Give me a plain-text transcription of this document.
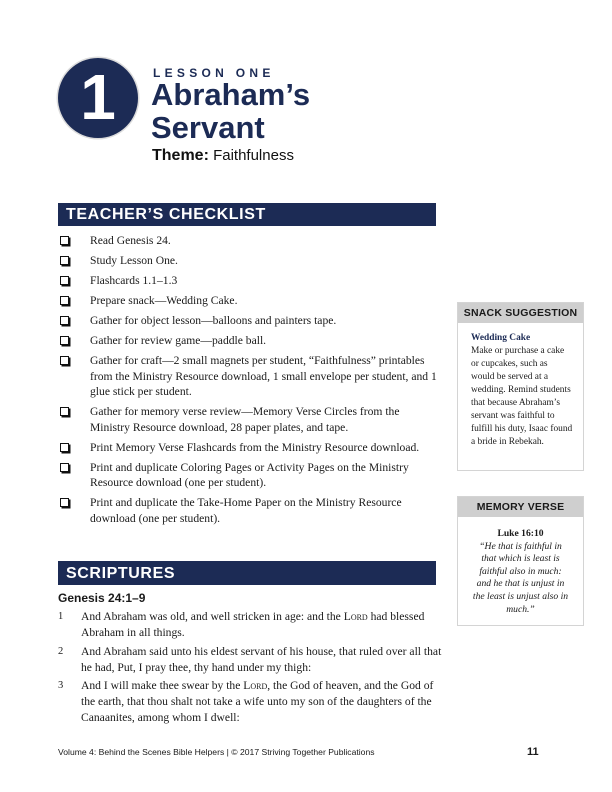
1	LESSON ONE
Abraham’s
Servant
Theme: Faithfulness
TEACHER’S CHECKLIST
Read Genesis 24.
Study Lesson One.
Flashcards 1.1–1.3
Prepare snack—Wedding Cake.
Gather for object lesson—balloons and painters tape.
Gather for review game—paddle ball.
Gather for craft—2 small magnets per student, “Faithfulness” printables from the Ministry Resource download, 1 small envelope per student, and 1 glue stick per student.
Gather for memory verse review—Memory Verse Circles from the Ministry Resource download, 28 paper plates, and tape.
Print Memory Verse Flashcards from the Ministry Resource download.
Print and duplicate Coloring Pages or Activity Pages on the Ministry Resource download (one per student).
Print and duplicate the Take-Home Paper on the Ministry Resource download (one per student).
SNACK SUGGESTION
Wedding Cake
Make or purchase a cake or cupcakes, such as would be served at a wedding. Remind students that because Abraham’s servant was faithful to fulfill his duty, Isaac found a bride in Rebekah.
MEMORY VERSE
Luke 16:10
“He that is faithful in that which is least is faithful also in much: and he that is unjust in the least is unjust also in much.”
SCRIPTURES
Genesis 24:1–9
1 And Abraham was old, and well stricken in age: and the Lord had blessed Abraham in all things.
2 And Abraham said unto his eldest servant of his house, that ruled over all that he had, Put, I pray thee, thy hand under my thigh:
3 And I will make thee swear by the Lord, the God of heaven, and the God of the earth, that thou shalt not take a wife unto my son of the daughters of the Canaanites, among whom I dwell:
Volume 4: Behind the Scenes Bible Helpers | © 2017 Striving Together Publications	11
